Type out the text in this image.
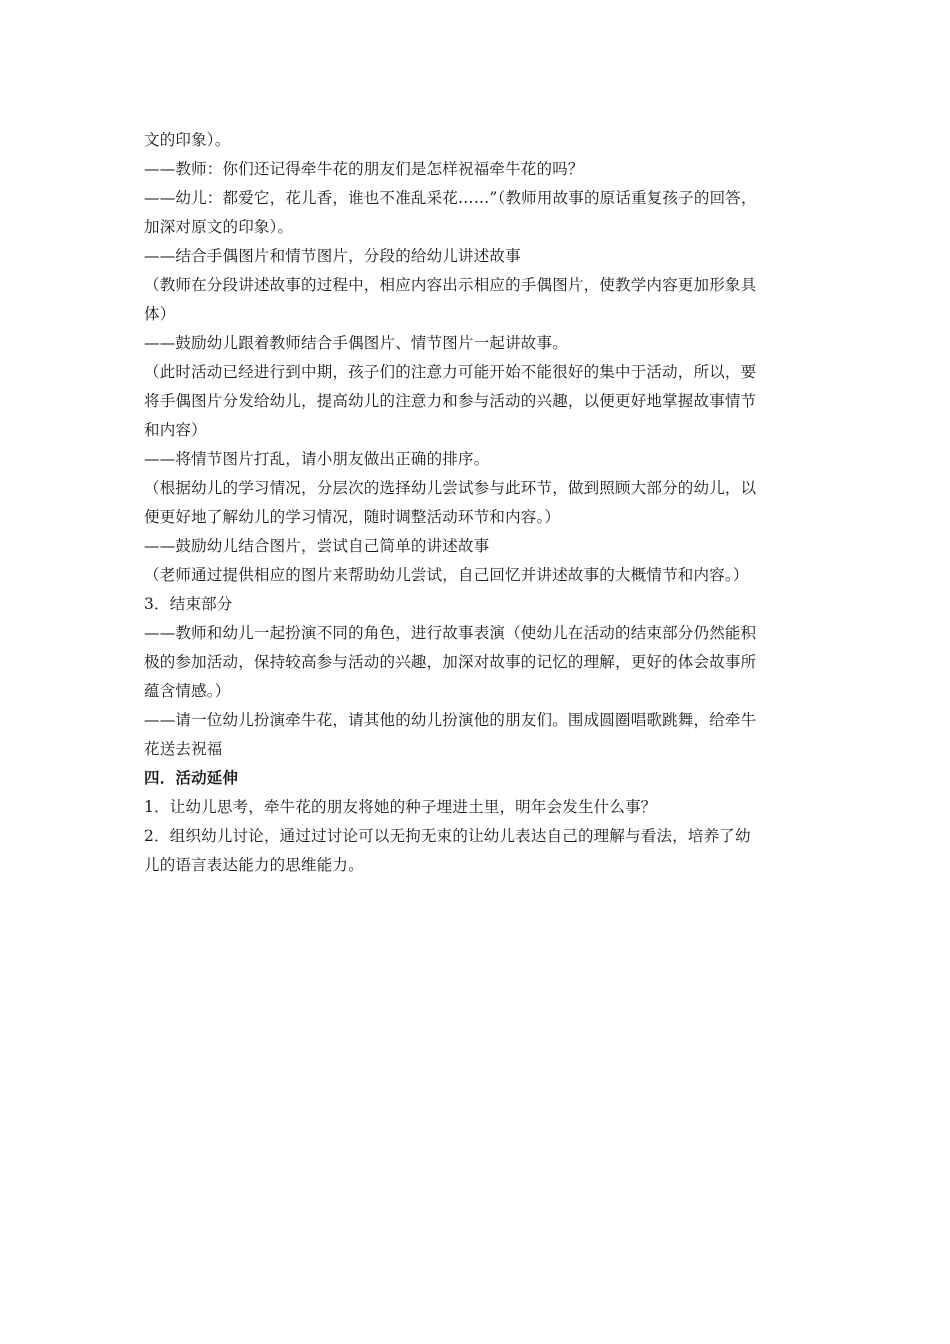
文的印象）。
——教师：你们还记得牵牛花的朋友们是怎样祝福牵牛花的吗？
——幼儿：都爱它，花儿香，谁也不准乱采花……”（教师用故事的原话重复孩子的回答，
加深对原文的印象）。
——结合手偶图片和情节图片，分段的给幼儿讲述故事
（教师在分段讲述故事的过程中，相应内容出示相应的手偶图片，使教学内容更加形象具
体）
——鼓励幼儿跟着教师结合手偶图片、情节图片一起讲故事。
（此时活动已经进行到中期，孩子们的注意力可能开始不能很好的集中于活动，所以，要
将手偶图片分发给幼儿，提高幼儿的注意力和参与活动的兴趣，以便更好地掌握故事情节
和内容）
——将情节图片打乱，请小朋友做出正确的排序。
（根据幼儿的学习情况，分层次的选择幼儿尝试参与此环节，做到照顾大部分的幼儿，以
便更好地了解幼儿的学习情况，随时调整活动环节和内容。）
——鼓励幼儿结合图片，尝试自己简单的讲述故事
（老师通过提供相应的图片来帮助幼儿尝试，自己回忆并讲述故事的大概情节和内容。）
3．结束部分
——教师和幼儿一起扮演不同的角色，进行故事表演（使幼儿在活动的结束部分仍然能积
极的参加活动，保持较高参与活动的兴趣，加深对故事的记忆的理解，更好的体会故事所
蕴含情感。）
——请一位幼儿扮演牵牛花，请其他的幼儿扮演他的朋友们。围成圆圈唱歌跳舞，给牵牛
花送去祝福
四．活动延伸
1．让幼儿思考，牵牛花的朋友将她的种子埋进土里，明年会发生什么事？
2．组织幼儿讨论，通过过讨论可以无拘无束的让幼儿表达自己的理解与看法，培养了幼
儿的语言表达能力的思维能力。
